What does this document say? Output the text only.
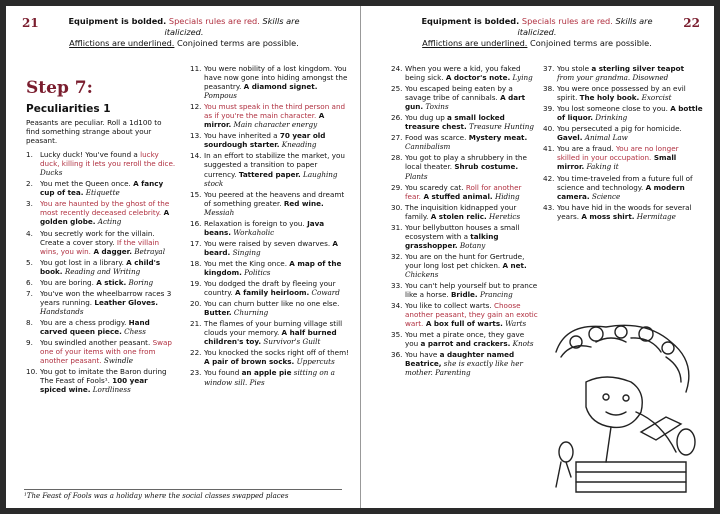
21	Equipment is bolded. Specials rules are red. Skills are italicized.
Afflictions are underlined. Conjoined terms are possible.
Step 7:
Peculiarities 1
Peasants are peculiar. Roll a 1d100 to find something strange about your peasant.
1. Lucky duck! You've found a lucky duck, killing it lets you reroll the dice. Ducks
2. You met the Queen once. A fancy cup of tea. Etiquette
3. You are haunted by the ghost of the most recently deceased celebrity. A golden globe. Acting
4. You secretly work for the villain. Create a cover story. If the villain wins, you win. A dagger. Betrayal
5. You got lost in a library. A child's book. Reading and Writing
6. You are boring. A stick. Boring
7. You've won the wheelbarrow races 3 years running. Leather Gloves. Handstands
8. You are a chess prodigy. Hand carved queen piece. Chess
9. You swindled another peasant. Swap one of your items with one from another peasant. Swindle
10. You got to imitate the Baron during The Feast of Fools¹. 100 year spiced wine. Lordliness
11. You were nobility of a lost kingdom. You have now gone into hiding amongst the peasantry. A diamond signet. Pompous
12. You must speak in the third person and as if you're the main character. A mirror. Main character energy
13. You have inherited a 70 year old sourdough starter. Kneading
14. In an effort to stabilize the market, you suggested a transition to paper currency. Tattered paper. Laughing stock
15. You peered at the heavens and dreamt of something greater. Red wine. Messiah
16. Relaxation is foreign to you. Java beans. Workaholic
17. You were raised by seven dwarves. A beard. Singing
18. You met the King once. A map of the kingdom. Politics
19. You dodged the draft by fleeing your country. A family heirloom. Coward
20. You can churn butter like no one else. Butter. Churning
21. The flames of your burning village still clouds your memory. A half burned children's toy. Survivor's Guilt
22. You knocked the socks right off of them! A pair of brown socks. Uppercuts
23. You found an apple pie sitting on a window sill. Pies
¹The Feast of Fools was a holiday where the social classes swapped places
22
Equipment is bolded. Specials rules are red. Skills are italicized.
Afflictions are underlined. Conjoined terms are possible.
24. When you were a kid, you faked being sick. A doctor's note. Lying
25. You escaped being eaten by a savage tribe of cannibals. A dart gun. Toxins
26. You dug up a small locked treasure chest. Treasure Hunting
27. Food was scarce. Mystery meat. Cannibalism
28. You got to play a shrubbery in the local theater. Shrub costume. Plants
29. You scaredy cat. Roll for another fear. A stuffed animal. Hiding
30. The inquisition kidnapped your family. A stolen relic. Heretics
31. Your bellybutton houses a small ecosystem with a talking grasshopper. Botany
32. You are on the hunt for Gertrude, your long lost pet chicken. A net. Chickens
33. You can't help yourself but to prance like a horse. Bridle. Prancing
34. You like to collect warts. Choose another peasant, they gain an exotic wart. A box full of warts. Warts
35. You met a pirate once, they gave you a parrot and crackers. Knots
36. You have a daughter named Beatrice, she is exactly like her mother. Parenting
37. You stole a sterling silver teapot from your grandma. Disowned
38. You were once possessed by an evil spirit. The holy book. Exorcist
39. You lost someone close to you. A bottle of liquor. Drinking
40. You persecuted a pig for homicide. Gavel. Animal Law
41. You are a fraud. You are no longer skilled in your occupation. Small mirror. Faking it
42. You time-traveled from a future full of science and technology. A modern camera. Science
43. You have hid in the woods for several years. A moss shirt. Hermitage
